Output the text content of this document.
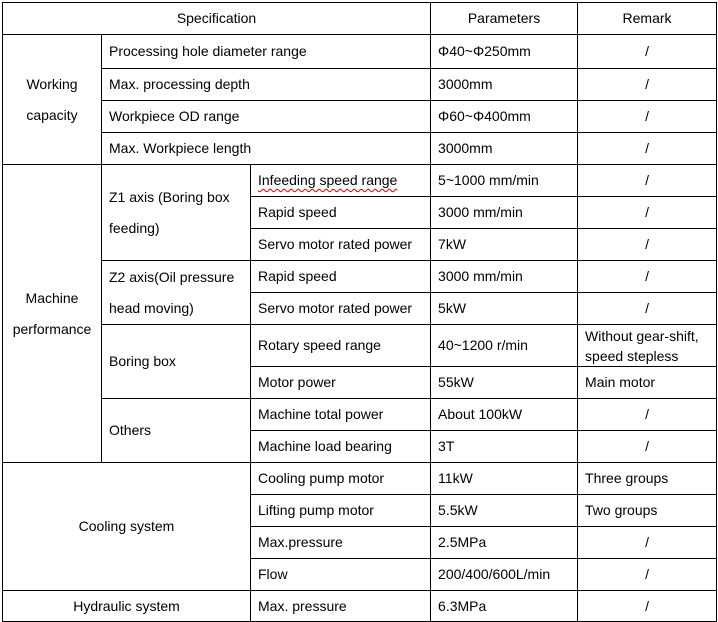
Specification			Parameters	Remark
Working capacity	Processing hole diameter range		Φ40~Φ250mm	/
	Max. processing depth		3000mm	/
	Workpiece OD range		Φ60~Φ400mm	/
	Max. Workpiece length		3000mm	/
Machine performance	Z1 axis (Boring box feeding)	Infeeding speed range	5~1000 mm/min	/
		Rapid speed	3000 mm/min	/
		Servo motor rated power	7kW	/
	Z2 axis(Oil pressure head moving)	Rapid speed	3000 mm/min	/
		Servo motor rated power	5kW	/
	Boring box	Rotary speed range	40~1200 r/min	Without gear-shift, speed stepless
		Motor power	55kW	Main motor
	Others	Machine total power	About 100kW	/
		Machine load bearing	3T	/
Cooling system		Cooling pump motor	11kW	Three groups
		Lifting pump motor	5.5kW	Two groups
		Max.pressure	2.5MPa	/
		Flow	200/400/600L/min	/
Hydraulic system		Max. pressure	6.3MPa	/
